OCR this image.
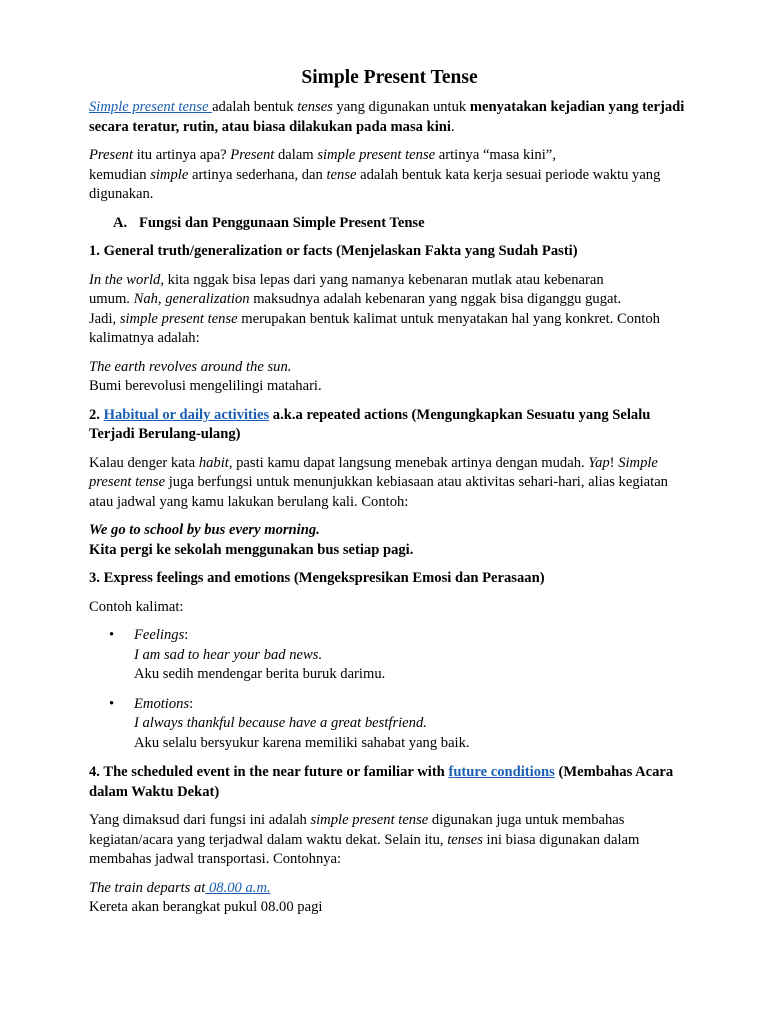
Simple Present Tense

Simple present tense adalah bentuk tenses yang digunakan untuk menyatakan kejadian yang terjadi secara teratur, rutin, atau biasa dilakukan pada masa kini.

Present itu artinya apa? Present dalam simple present tense artinya “masa kini”,
kemudian simple artinya sederhana, dan tense adalah bentuk kata kerja sesuai periode waktu yang digunakan.

A. Fungsi dan Penggunaan Simple Present Tense

1. General truth/generalization or facts (Menjelaskan Fakta yang Sudah Pasti)

In the world, kita nggak bisa lepas dari yang namanya kebenaran mutlak atau kebenaran
umum. Nah, generalization maksudnya adalah kebenaran yang nggak bisa diganggu gugat.
Jadi, simple present tense merupakan bentuk kalimat untuk menyatakan hal yang konkret. Contoh kalimatnya adalah:

The earth revolves around the sun.
Bumi berevolusi mengelilingi matahari.

2. Habitual or daily activities a.k.a repeated actions (Mengungkapkan Sesuatu yang Selalu Terjadi Berulang-ulang)

Kalau denger kata habit, pasti kamu dapat langsung menebak artinya dengan mudah. Yap! Simple present tense juga berfungsi untuk menunjukkan kebiasaan atau aktivitas sehari-hari, alias kegiatan atau jadwal yang kamu lakukan berulang kali. Contoh:

We go to school by bus every morning.
Kita pergi ke sekolah menggunakan bus setiap pagi.

3. Express feelings and emotions (Mengekspresikan Emosi dan Perasaan)

Contoh kalimat:

• Feelings:
I am sad to hear your bad news.
Aku sedih mendengar berita buruk darimu.
• Emotions:
I always thankful because have a great bestfriend.
Aku selalu bersyukur karena memiliki sahabat yang baik.

4. The scheduled event in the near future or familiar with future conditions (Membahas Acara dalam Waktu Dekat)

Yang dimaksud dari fungsi ini adalah simple present tense digunakan juga untuk membahas kegiatan/acara yang terjadwal dalam waktu dekat. Selain itu, tenses ini biasa digunakan dalam membahas jadwal transportasi. Contohnya:

The train departs at 08.00 a.m.
Kereta akan berangkat pukul 08.00 pagi
